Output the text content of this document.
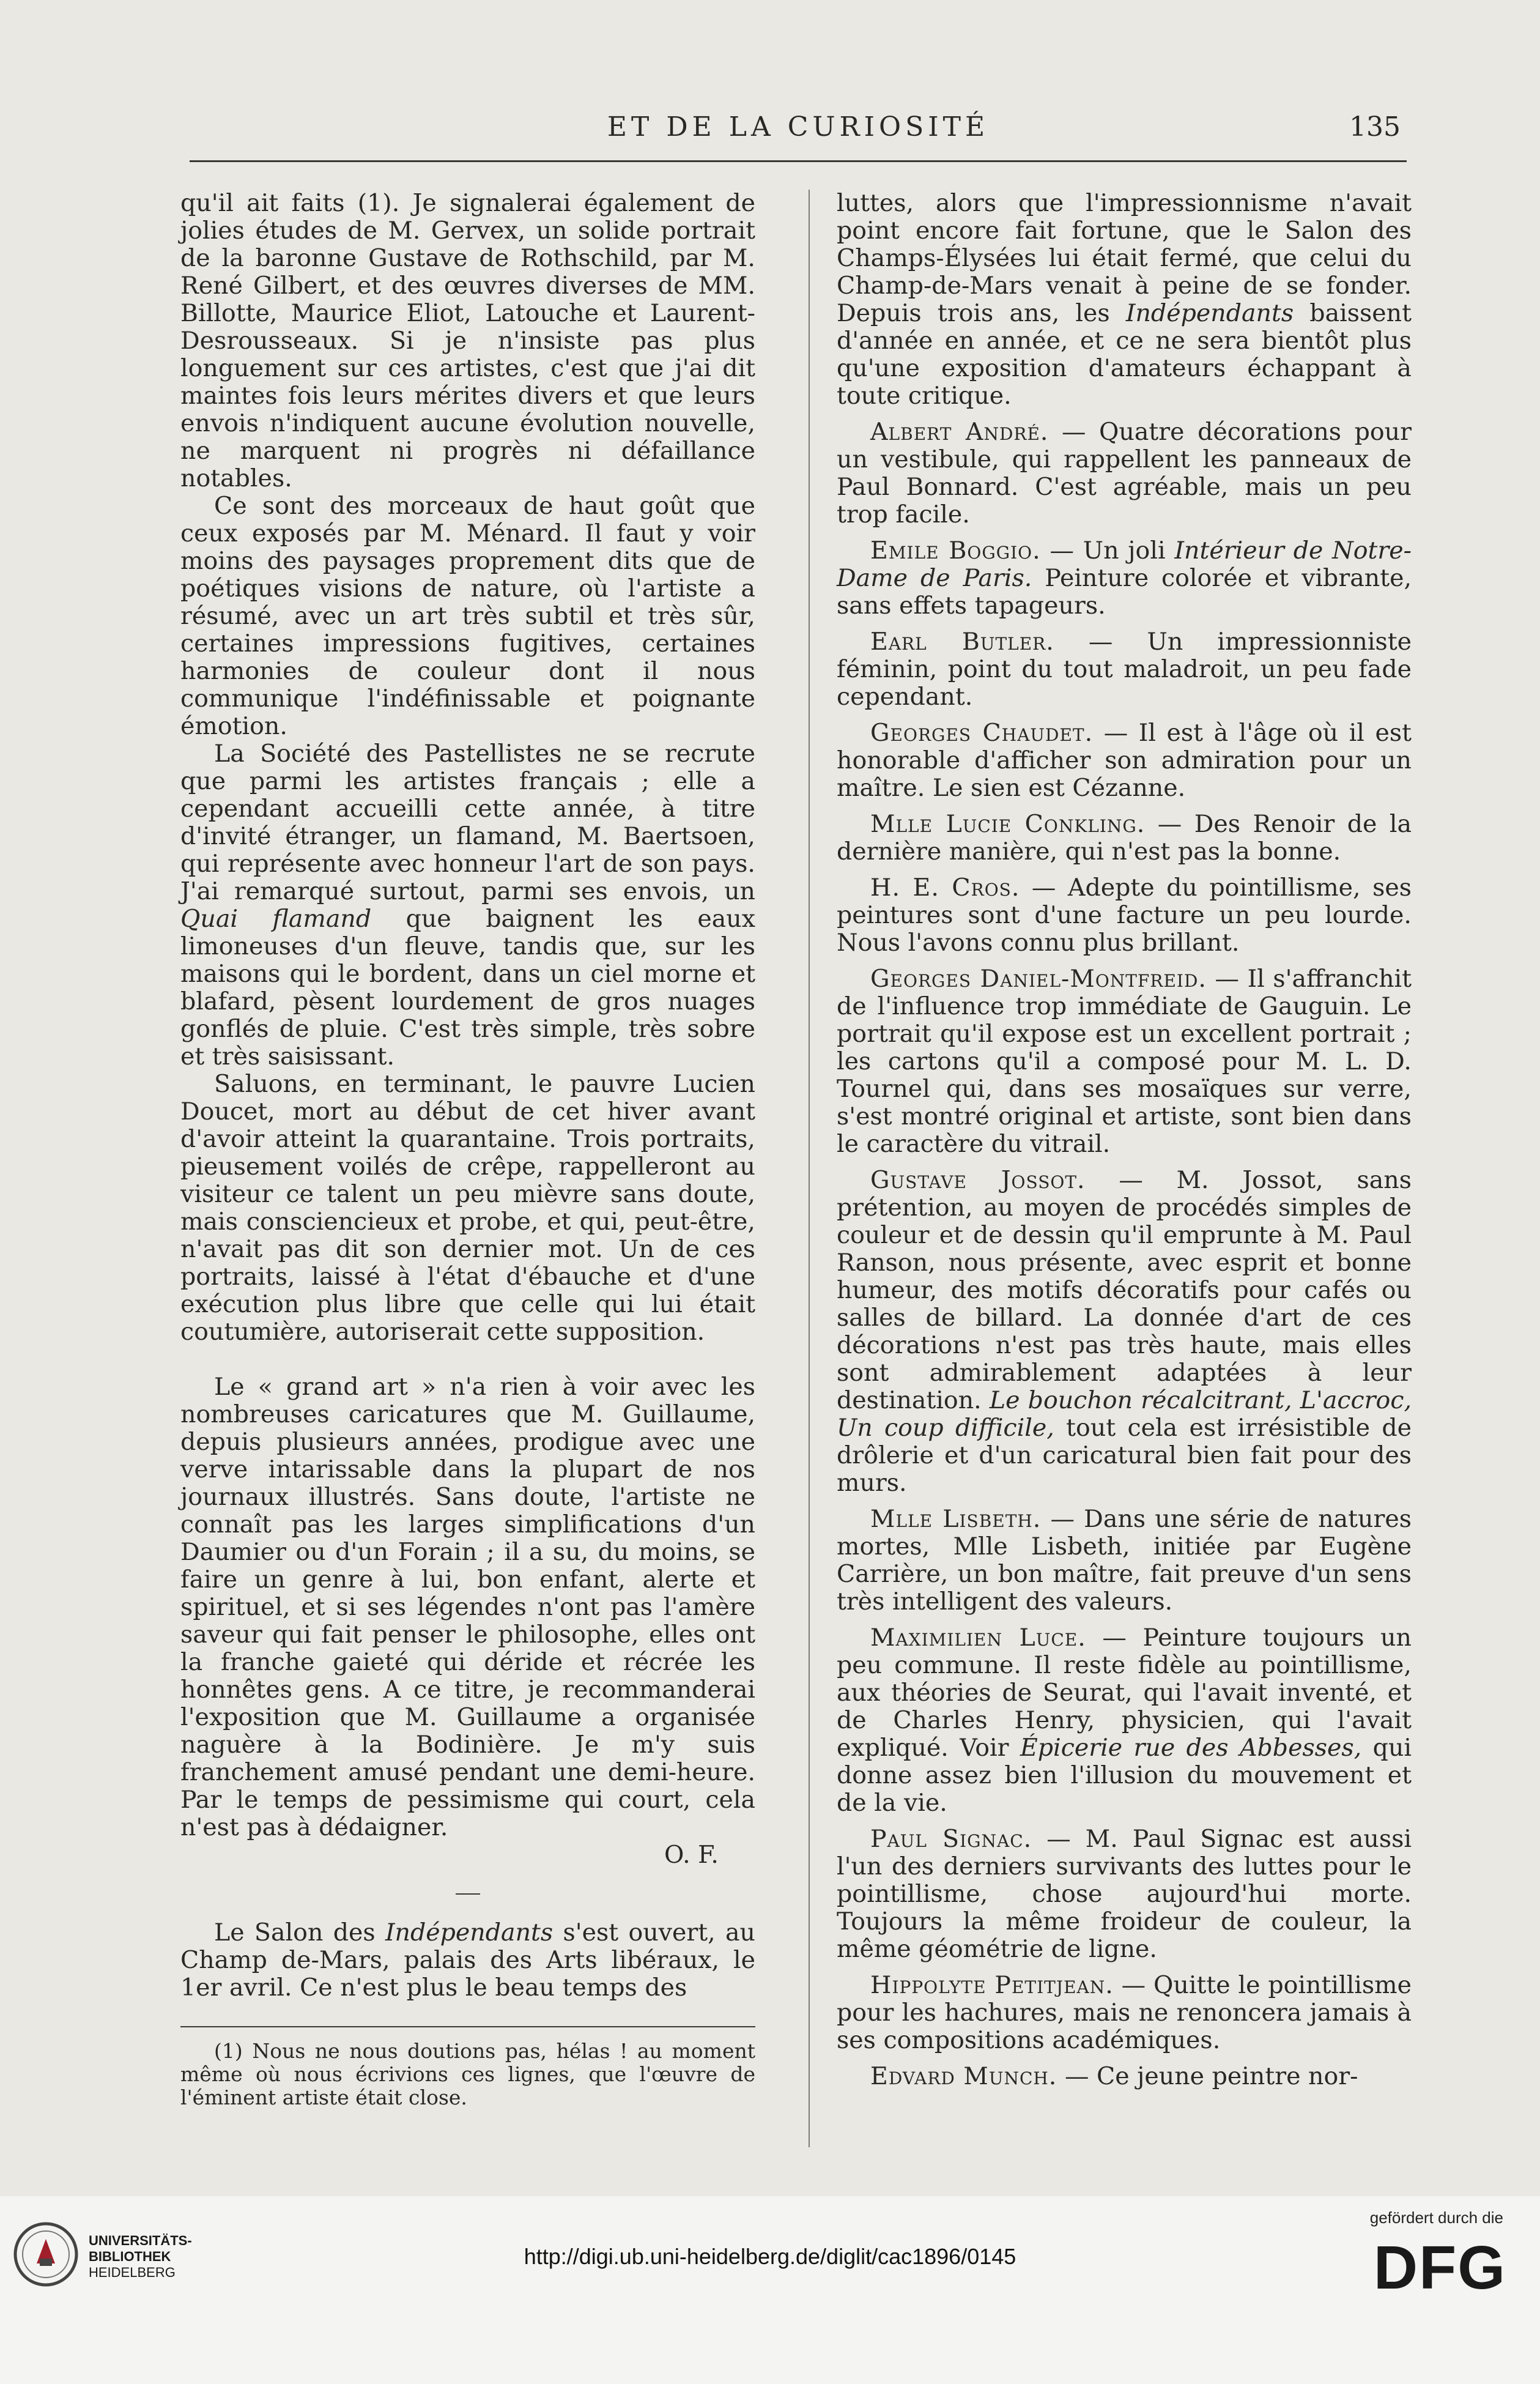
ET DE LA CURIOSITÉ	135

qu'il ait faits (1). Je signalerai également de jolies études de M. Gervex, un solide portrait de la baronne Gustave de Rothschild, par M. René Gilbert, et des œuvres diverses de MM. Billotte, Maurice Eliot, Latouche et Laurent-Desrousseaux. Si je n'insiste pas plus longuement sur ces artistes, c'est que j'ai dit maintes fois leurs mérites divers et que leurs envois n'indiquent aucune évolution nouvelle, ne marquent ni progrès ni défaillance notables.

Ce sont des morceaux de haut goût que ceux exposés par M. Ménard. Il faut y voir moins des paysages proprement dits que de poétiques visions de nature, où l'artiste a résumé, avec un art très subtil et très sûr, certaines impressions fugitives, certaines harmonies de couleur dont il nous communique l'indéfinissable et poignante émotion.

La Société des Pastellistes ne se recrute que parmi les artistes français ; elle a cependant accueilli cette année, à titre d'invité étranger, un flamand, M. Baertsoen, qui représente avec honneur l'art de son pays. J'ai remarqué surtout, parmi ses envois, un Quai flamand que baignent les eaux limoneuses d'un fleuve, tandis que, sur les maisons qui le bordent, dans un ciel morne et blafard, pèsent lourdement de gros nuages gonflés de pluie. C'est très simple, très sobre et très saisissant.

Saluons, en terminant, le pauvre Lucien Doucet, mort au début de cet hiver avant d'avoir atteint la quarantaine. Trois portraits, pieusement voilés de crêpe, rappelleront au visiteur ce talent un peu mièvre sans doute, mais consciencieux et probe, et qui, peut-être, n'avait pas dit son dernier mot. Un de ces portraits, laissé à l'état d'ébauche et d'une exécution plus libre que celle qui lui était coutumière, autoriserait cette supposition.

Le « grand art » n'a rien à voir avec les nombreuses caricatures que M. Guillaume, depuis plusieurs années, prodigue avec une verve intarissable dans la plupart de nos journaux illustrés. Sans doute, l'artiste ne connaît pas les larges simplifications d'un Daumier ou d'un Forain ; il a su, du moins, se faire un genre à lui, bon enfant, alerte et spirituel, et si ses légendes n'ont pas l'amère saveur qui fait penser le philosophe, elles ont la franche gaieté qui déride et récrée les honnêtes gens. A ce titre, je recommanderai l'exposition que M. Guillaume a organisée naguère à la Bodinière. Je m'y suis franchement amusé pendant une demi-heure. Par le temps de pessimisme qui court, cela n'est pas à dédaigner.

O. F.

Le Salon des Indépendants s'est ouvert, au Champ de-Mars, palais des Arts libéraux, le 1er avril. Ce n'est plus le beau temps des

(1) Nous ne nous doutions pas, hélas ! au moment même où nous écrivions ces lignes, que l'œuvre de l'éminent artiste était close.

luttes, alors que l'impressionnisme n'avait point encore fait fortune, que le Salon des Champs-Élysées lui était fermé, que celui du Champ-de-Mars venait à peine de se fonder. Depuis trois ans, les Indépendants baissent d'année en année, et ce ne sera bientôt plus qu'une exposition d'amateurs échappant à toute critique.

Albert André. — Quatre décorations pour un vestibule, qui rappellent les panneaux de Paul Bonnard. C'est agréable, mais un peu trop facile.

Emile Boggio. — Un joli Intérieur de Notre-Dame de Paris. Peinture colorée et vibrante, sans effets tapageurs.

Earl Butler. — Un impressionniste féminin, point du tout maladroit, un peu fade cependant.

Georges Chaudet. — Il est à l'âge où il est honorable d'afficher son admiration pour un maître. Le sien est Cézanne.

Mlle Lucie Conkling. — Des Renoir de la dernière manière, qui n'est pas la bonne.

H. E. Cros. — Adepte du pointillisme, ses peintures sont d'une facture un peu lourde. Nous l'avons connu plus brillant.

Georges Daniel-Montfreid. — Il s'affranchit de l'influence trop immédiate de Gauguin. Le portrait qu'il expose est un excellent portrait ; les cartons qu'il a composé pour M. L. D. Tournel qui, dans ses mosaïques sur verre, s'est montré original et artiste, sont bien dans le caractère du vitrail.

Gustave Jossot. — M. Jossot, sans prétention, au moyen de procédés simples de couleur et de dessin qu'il emprunte à M. Paul Ranson, nous présente, avec esprit et bonne humeur, des motifs décoratifs pour cafés ou salles de billard. La donnée d'art de ces décorations n'est pas très haute, mais elles sont admirablement adaptées à leur destination. Le bouchon récalcitrant, L'accroc, Un coup difficile, tout cela est irrésistible de drôlerie et d'un caricatural bien fait pour des murs.

Mlle Lisbeth. — Dans une série de natures mortes, Mlle Lisbeth, initiée par Eugène Carrière, un bon maître, fait preuve d'un sens très intelligent des valeurs.

Maximilien Luce. — Peinture toujours un peu commune. Il reste fidèle au pointillisme, aux théories de Seurat, qui l'avait inventé, et de Charles Henry, physicien, qui l'avait expliqué. Voir Épicerie rue des Abbesses, qui donne assez bien l'illusion du mouvement et de la vie.

Paul Signac. — M. Paul Signac est aussi l'un des derniers survivants des luttes pour le pointillisme, chose aujourd'hui morte. Toujours la même froideur de couleur, la même géométrie de ligne.

Hippolyte Petitjean. — Quitte le pointillisme pour les hachures, mais ne renoncera jamais à ses compositions académiques.

Edvard Munch. — Ce jeune peintre nor-

UNIVERSITÄTS-
BIBLIOTHEK
HEIDELBERG
http://digi.ub.uni-heidelberg.de/diglit/cac1896/0145
gefördert durch die
DFG
